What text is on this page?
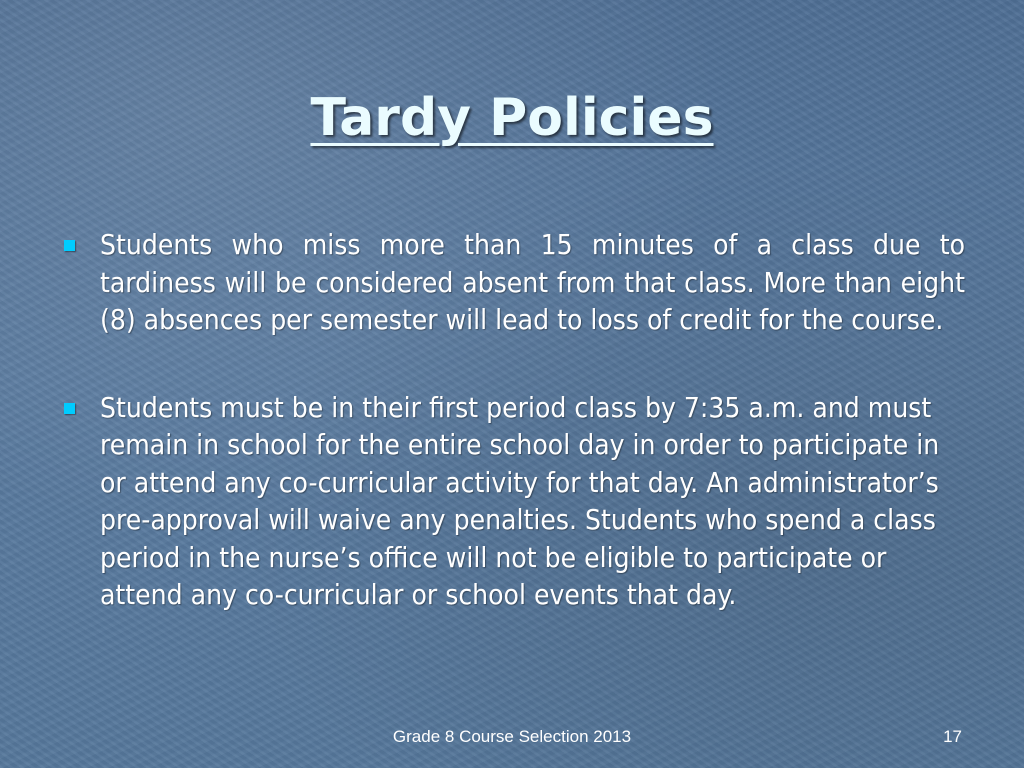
Tardy Policies
Students who miss more than 15 minutes of a class due to tardiness will be considered absent from that class. More than eight (8) absences per semester will lead to loss of credit for the course.
Students must be in their first period class by 7:35 a.m. and must remain in school for the entire school day in order to participate in or attend any co-curricular activity for that day. An administrator’s pre-approval will waive any penalties. Students who spend a class period in the nurse’s office will not be eligible to participate or attend any co-curricular or school events that day.
Grade 8 Course Selection 2013	17
